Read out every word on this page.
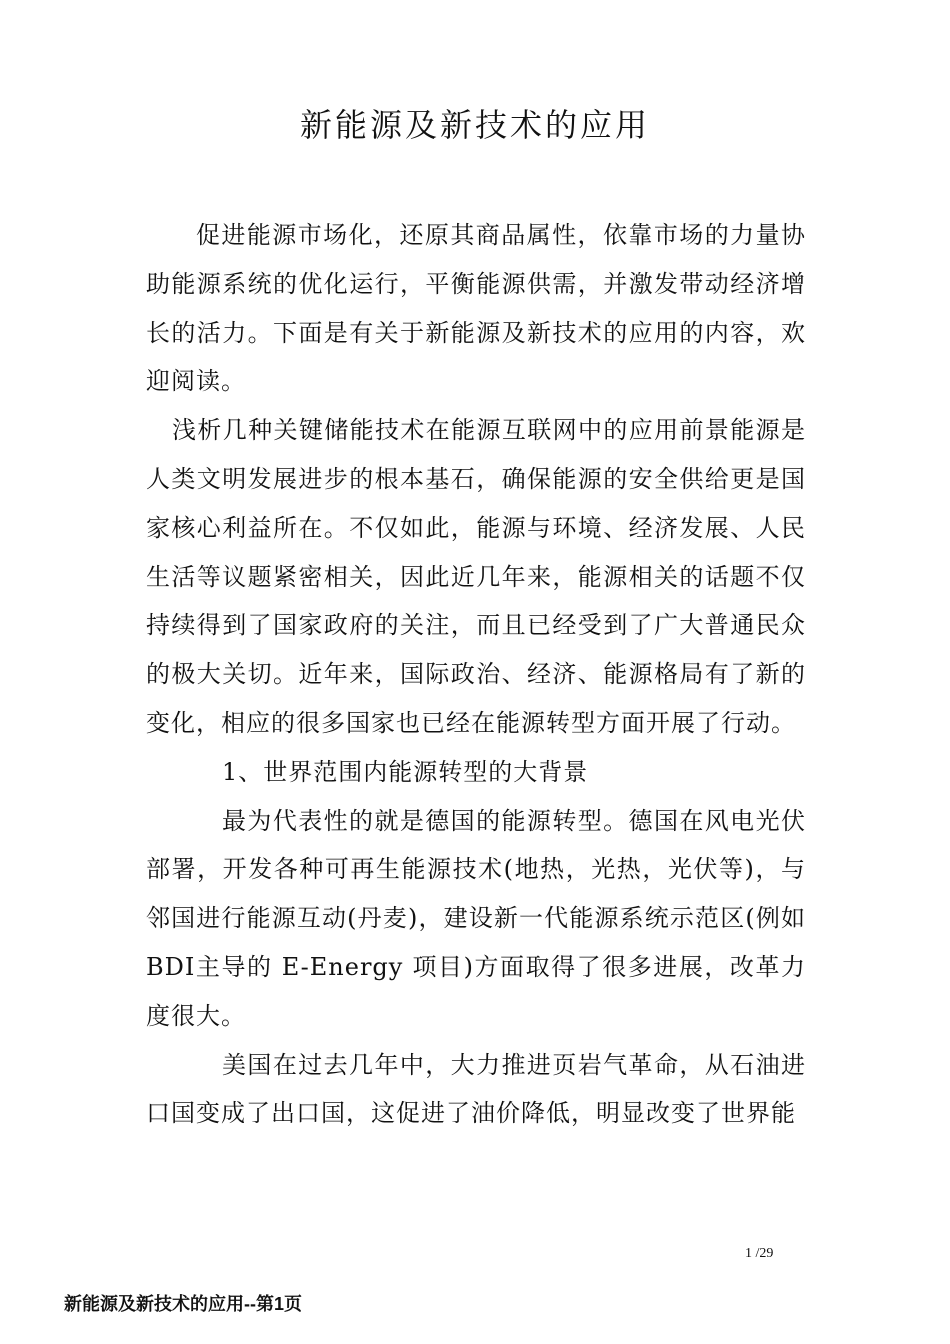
新能源及新技术的应用

促进能源市场化，还原其商品属性，依靠市场的力量协助能源系统的优化运行，平衡能源供需，并激发带动经济增长的活力。下面是有关于新能源及新技术的应用的内容，欢迎阅读。

浅析几种关键储能技术在能源互联网中的应用前景能源是人类文明发展进步的根本基石，确保能源的安全供给更是国家核心利益所在。不仅如此，能源与环境、经济发展、人民生活等议题紧密相关，因此近几年来，能源相关的话题不仅持续得到了国家政府的关注，而且已经受到了广大普通民众的极大关切。近年来，国际政治、经济、能源格局有了新的变化，相应的很多国家也已经在能源转型方面开展了行动。

1、世界范围内能源转型的大背景

最为代表性的就是德国的能源转型。德国在风电光伏部署，开发各种可再生能源技术(地热，光热，光伏等)，与邻国进行能源互动(丹麦)，建设新一代能源系统示范区(例如 BDI主导的 E-Energy 项目)方面取得了很多进展，改革力度很大。

美国在过去几年中，大力推进页岩气革命，从石油进口国变成了出口国，这促进了油价降低，明显改变了世界能

1 /29
新能源及新技术的应用--第1页
